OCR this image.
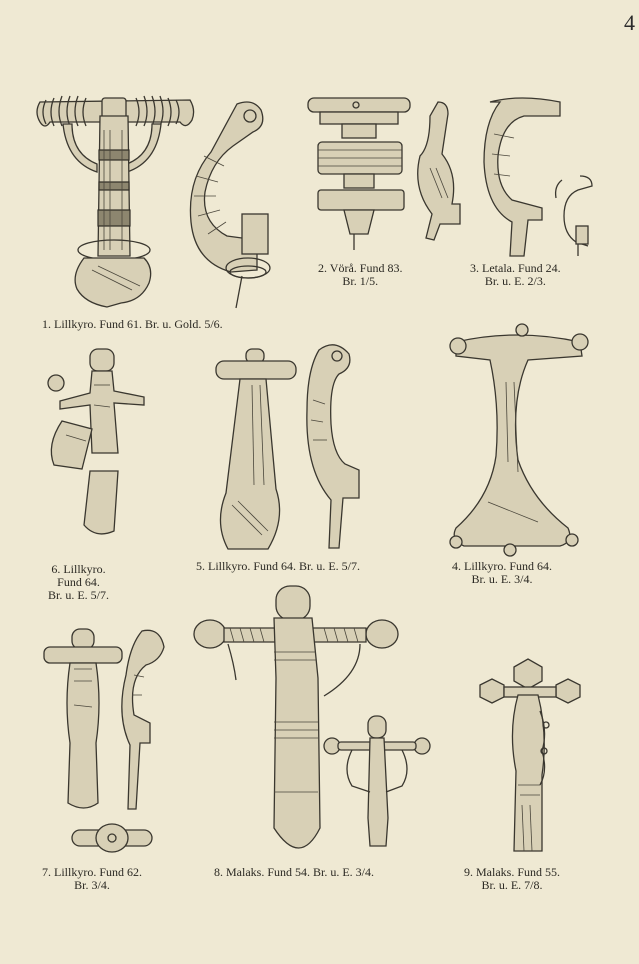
4
1. Lillkyro. Fund 61. Br. u. Gold. 5/6.
2. Vörå. Fund 83.
Br. 1/5.
3. Letala. Fund 24.
Br. u. E. 2/3.
6. Lillkyro.
Fund 64.
Br. u. E. 5/7.
5. Lillkyro. Fund 64. Br. u. E. 5/7.	4. Lillkyro. Fund 64.
Br. u. E. 3/4.
7. Lillkyro. Fund 62.
Br. 3/4.
8. Malaks. Fund 54. Br. u. E. 3/4.	9. Malaks. Fund 55.
Br. u. E. 7/8.
